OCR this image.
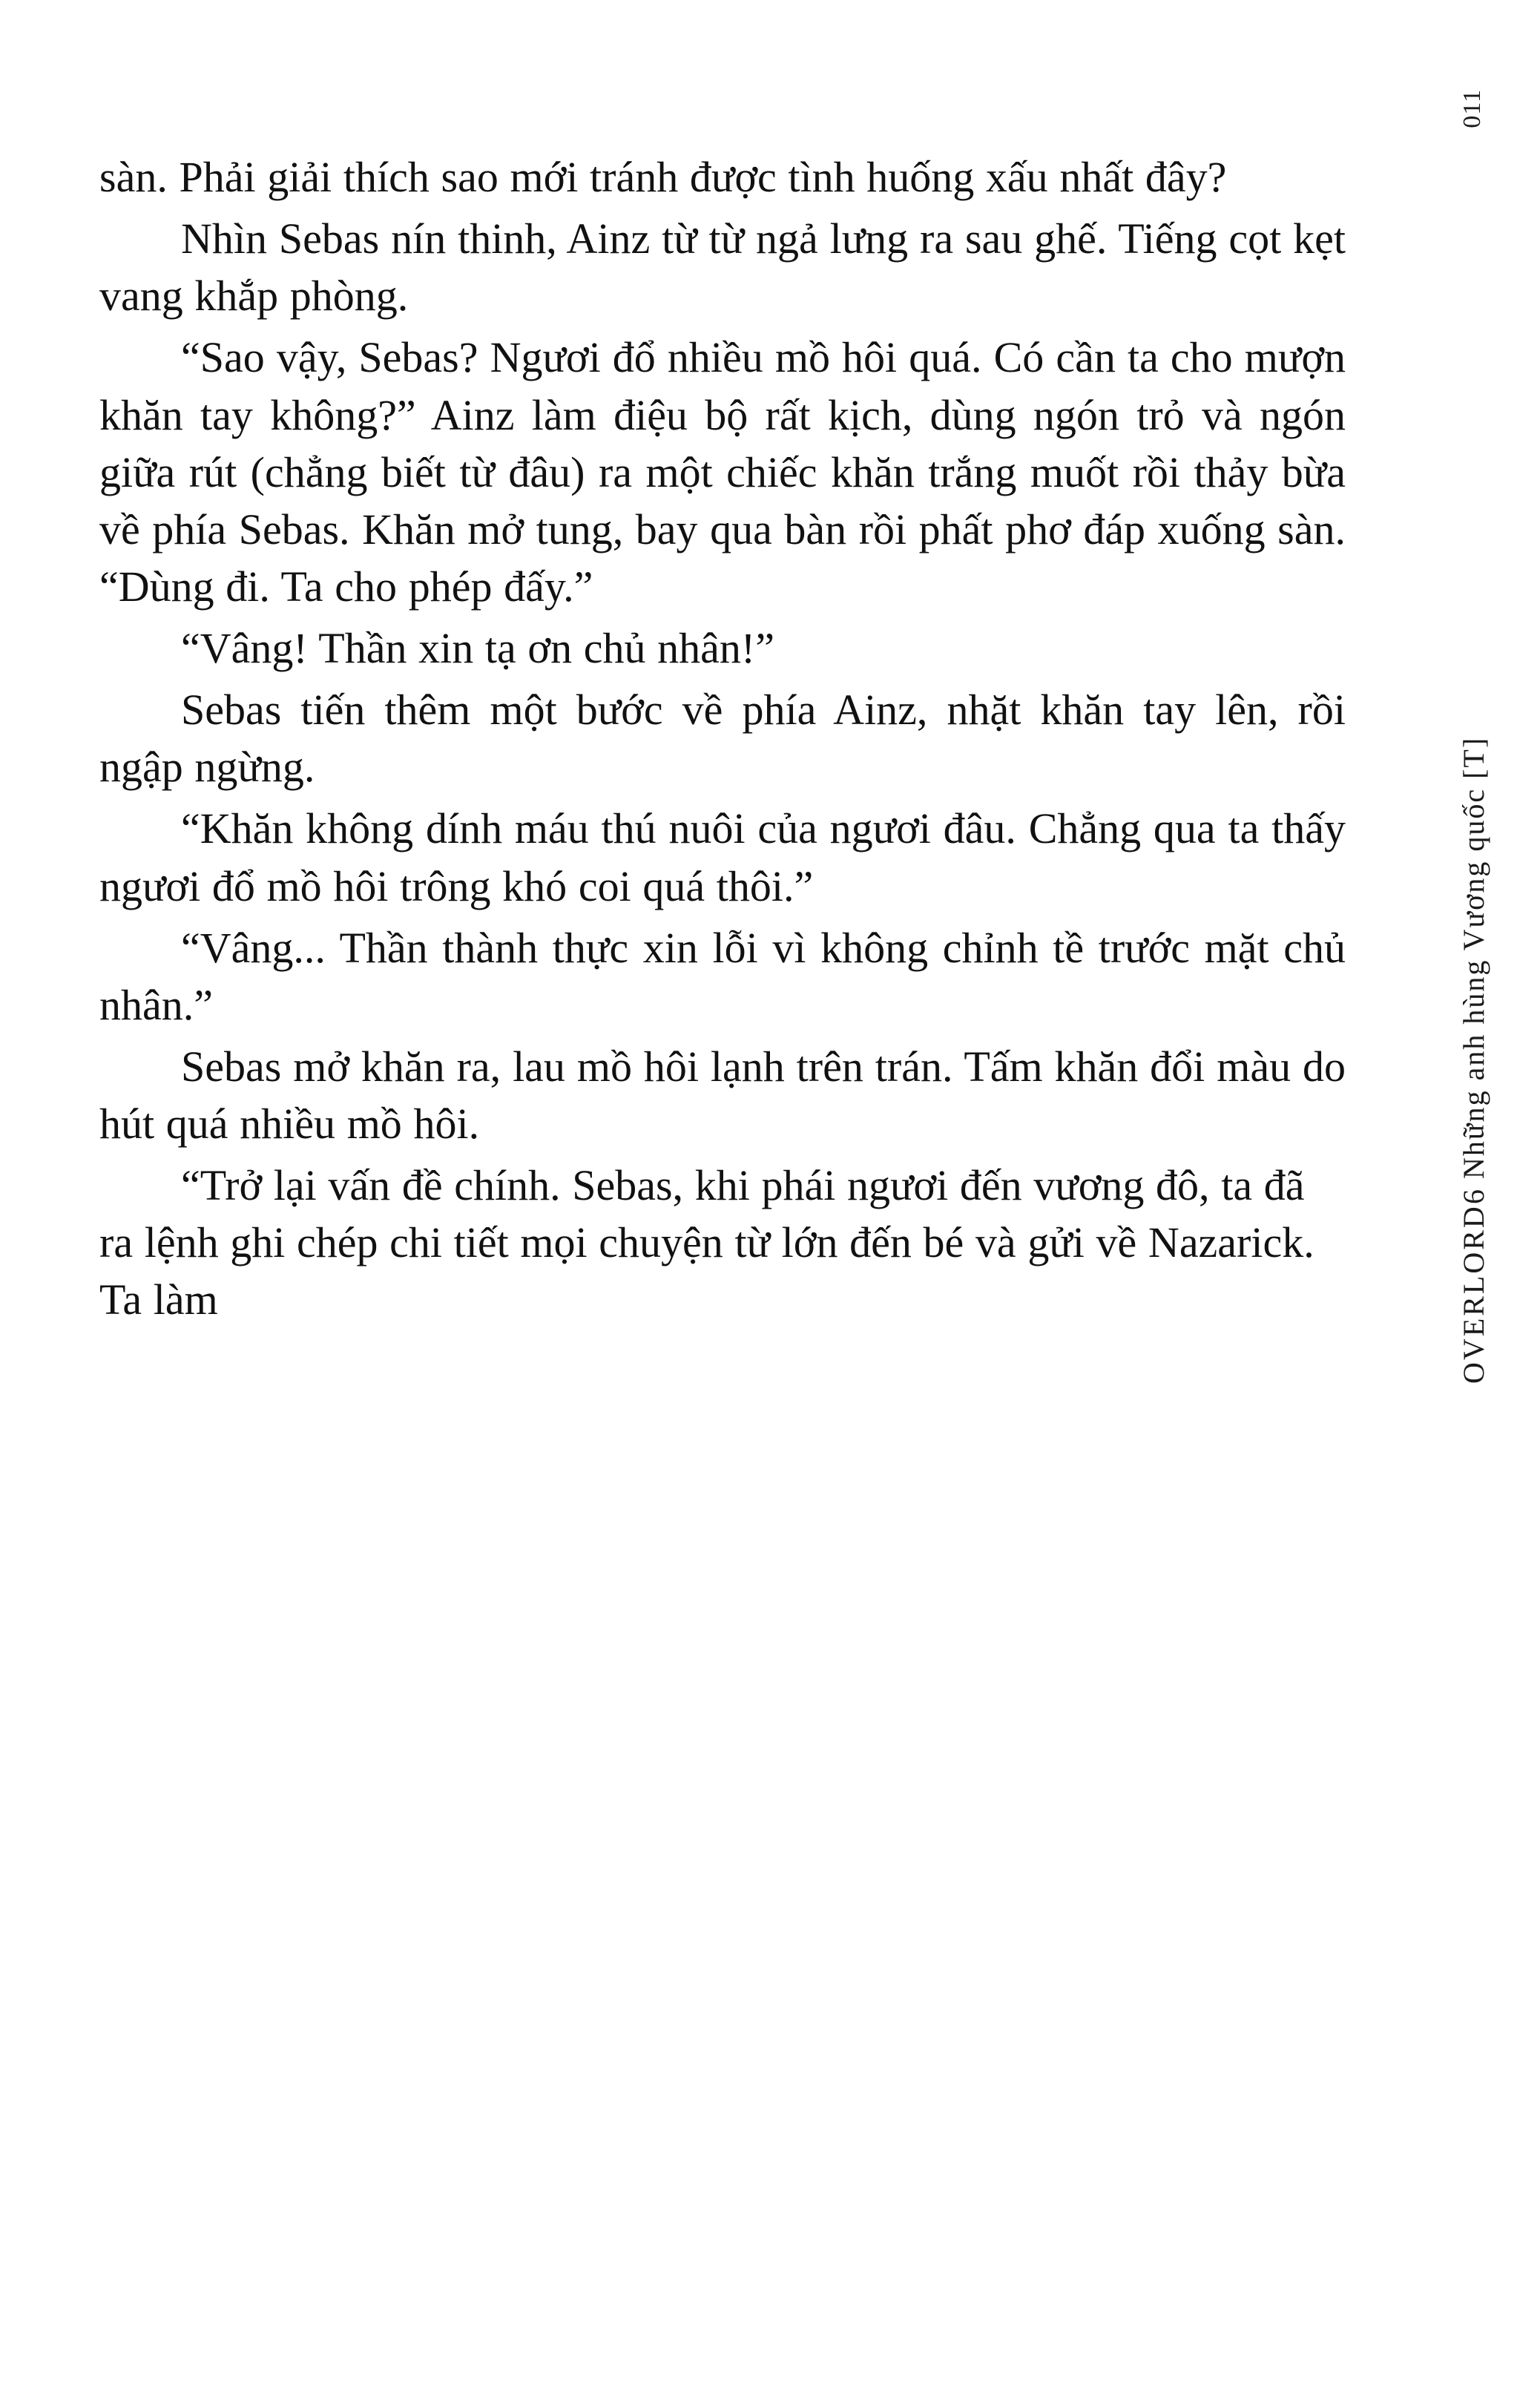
011
OVERLORD
6 Những anh hùng Vương quốc [T]

sàn. Phải giải thích sao mới tránh được tình huống xấu nhất đây?

Nhìn Sebas nín thinh, Ainz từ từ ngả lưng ra sau ghế. Tiếng cọt kẹt vang khắp phòng.

“Sao vậy, Sebas? Ngươi đổ nhiều mồ hôi quá. Có cần ta cho mượn khăn tay không?” Ainz làm điệu bộ rất kịch, dùng ngón trỏ và ngón giữa rút (chẳng biết từ đâu) ra một chiếc khăn trắng muốt rồi thảy bừa về phía Sebas. Khăn mở tung, bay qua bàn rồi phất phơ đáp xuống sàn. “Dùng đi. Ta cho phép đấy.”

“Vâng! Thần xin tạ ơn chủ nhân!”

Sebas tiến thêm một bước về phía Ainz, nhặt khăn tay lên, rồi ngập ngừng.

“Khăn không dính máu thú nuôi của ngươi đâu. Chẳng qua ta thấy ngươi đổ mồ hôi trông khó coi quá thôi.”

“Vâng... Thần thành thực xin lỗi vì không chỉnh tề trước mặt chủ nhân.”

Sebas mở khăn ra, lau mồ hôi lạnh trên trán. Tấm khăn đổi màu do hút quá nhiều mồ hôi.

“Trở lại vấn đề chính. Sebas, khi phái ngươi đến vương đô, ta đã ra lệnh ghi chép chi tiết mọi chuyện từ lớn đến bé và gửi về Nazarick. Ta làm
